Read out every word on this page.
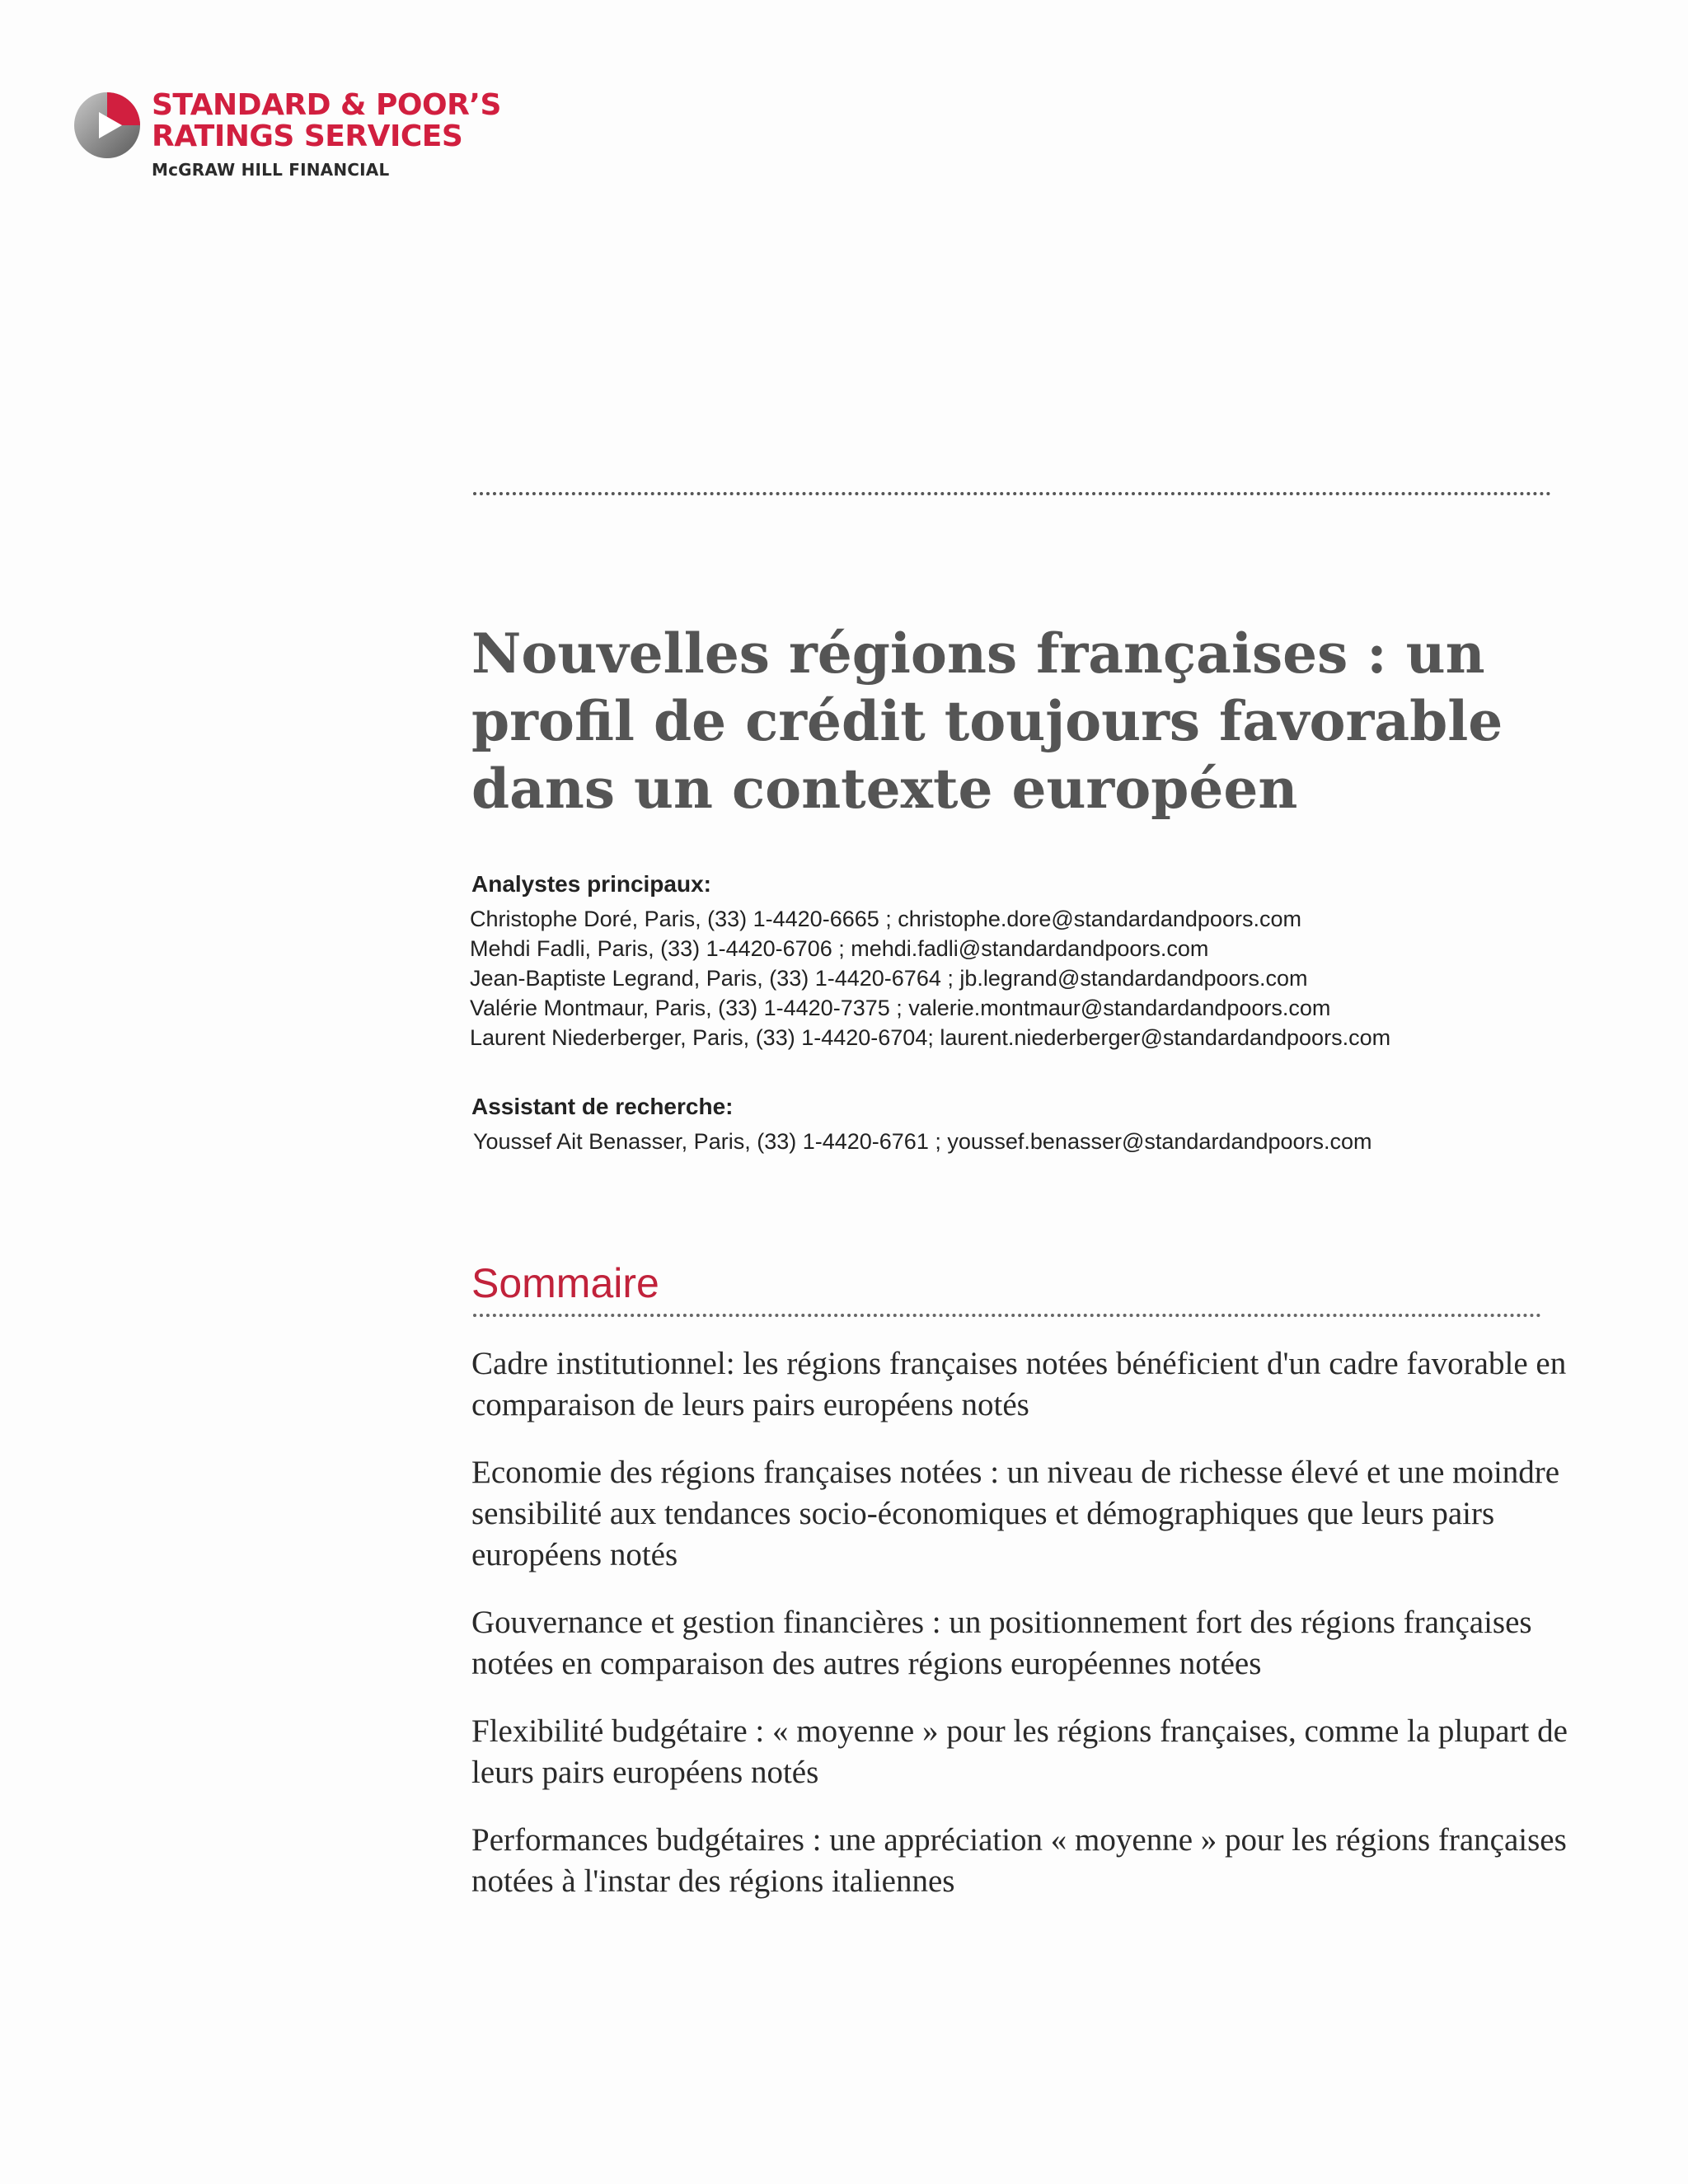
STANDARD & POOR’S
RATINGS SERVICES
McGRAW HILL FINANCIAL
Nouvelles régions françaises : un profil de crédit toujours favorable dans un contexte européen
Analystes principaux:
Christophe Doré, Paris, (33) 1-4420-6665 ; christophe.dore@standardandpoors.com
Mehdi Fadli, Paris, (33) 1-4420-6706 ; mehdi.fadli@standardandpoors.com
Jean-Baptiste Legrand, Paris, (33) 1-4420-6764 ; jb.legrand@standardandpoors.com
Valérie Montmaur, Paris, (33) 1-4420-7375 ; valerie.montmaur@standardandpoors.com
Laurent Niederberger, Paris, (33) 1-4420-6704; laurent.niederberger@standardandpoors.com
Assistant de recherche:
Youssef Ait Benasser, Paris, (33) 1-4420-6761 ; youssef.benasser@standardandpoors.com
Sommaire
Cadre institutionnel: les régions françaises notées bénéficient d'un cadre favorable en comparaison de leurs pairs européens notés
Economie des régions françaises notées : un niveau de richesse élevé et une moindre sensibilité aux tendances socio-économiques et démographiques que leurs pairs européens notés
Gouvernance et gestion financières : un positionnement fort des régions françaises notées en comparaison des autres régions européennes notées
Flexibilité budgétaire : « moyenne » pour les régions françaises, comme la plupart de leurs pairs européens notés
Performances budgétaires : une appréciation « moyenne » pour les régions françaises notées à l'instar des régions italiennes
